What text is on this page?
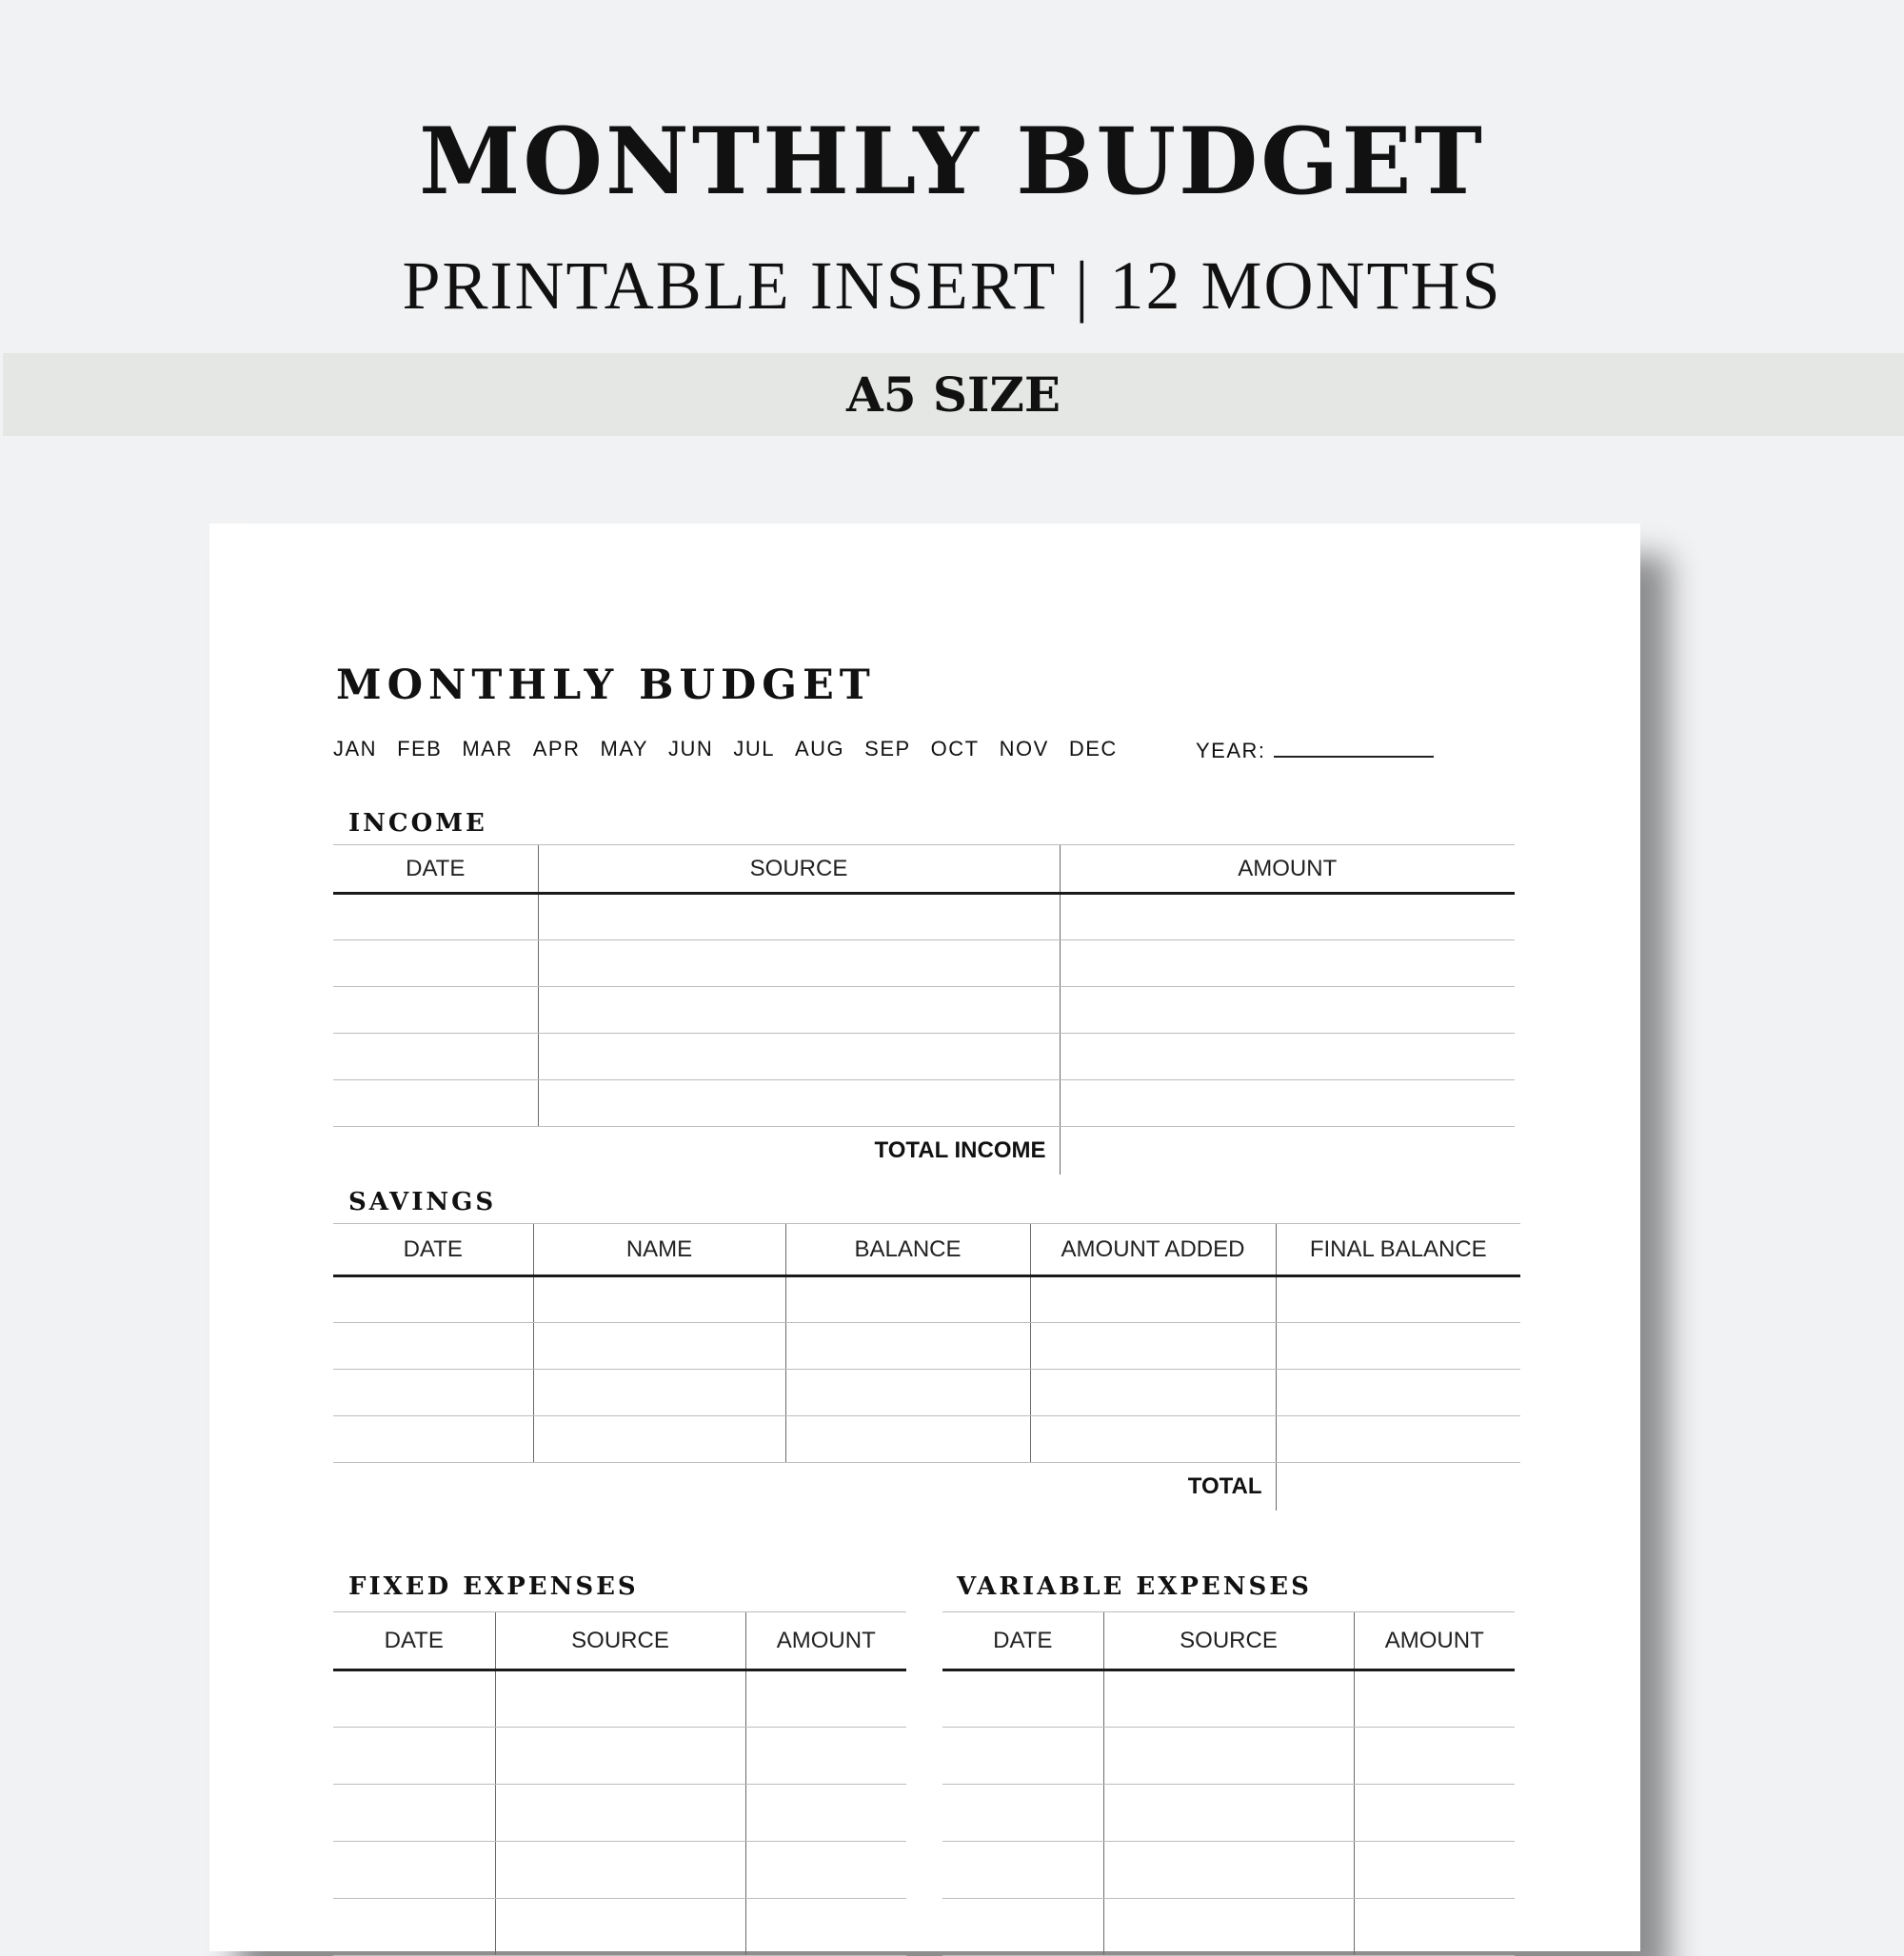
MONTHLY BUDGET
PRINTABLE INSERT | 12 MONTHS
A5 SIZE
MONTHLY BUDGET
JAN FEB MAR APR MAY JUN JUL AUG SEP OCT NOV DEC	YEAR:
INCOME
DATE	SOURCE	AMOUNT

TOTAL INCOME		
SAVINGS
DATE	NAME	BALANCE	AMOUNT ADDED	FINAL BALANCE

TOTAL				
FIXED EXPENSES
DATE	SOURCE	AMOUNT

VARIABLE EXPENSES
DATE	SOURCE	AMOUNT
